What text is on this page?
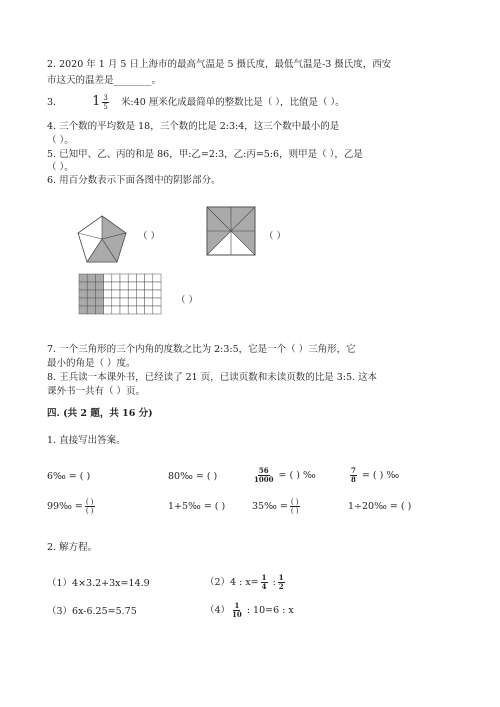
2. 2020 年 1 月 5 日上海市的最高气温是 5 摄氏度，最低气温是-3 摄氏度，西安
市这天的温差是________。
3.	$1 \frac{3}{5}$ 米:40 厘米化成最简单的整数比是（ ），比值是（ ）。
4. 三个数的平均数是 18，三个数的比是 2:3:4，这三个数中最小的是
（ ）。
5. 已知甲、乙、丙的和是 86，甲:乙=2:3，乙:丙=5:6，则甲是（ ），乙是
（ ）。
6. 用百分数表示下面各图中的阴影部分。
（ ）	（ ）
（ ）
7. 一个三角形的三个内角的度数之比为 2:3:5，它是一个（ ）三角形，它
最小的角是（ ）度。
8. 王兵读一本课外书，已经读了 21 页，已读页数和未读页数的比是 3:5. 这本
课外书一共有（ ）页。
四. (共 2 题，共 16 分)
1. 直接写出答案。
6‰ = ( )	80‰ = ( )	$\frac{56}{1000}$ = ( ) ‰	$\frac{7}{8}$ = ( ) ‰
99‰ = $\frac{( )}{( )}$	1+5‰ = ( )	35‰ = $\frac{( )}{( )}$	1÷20‰ = ( )
2. 解方程。
（1）4×3.2+3x=14.9	（2）4 : $x= \frac{1}{4}$ : $\frac{1}{2}$
（3）6x-6.25=5.75	$(4) \frac{1}{10}$ : 10=6 : x
